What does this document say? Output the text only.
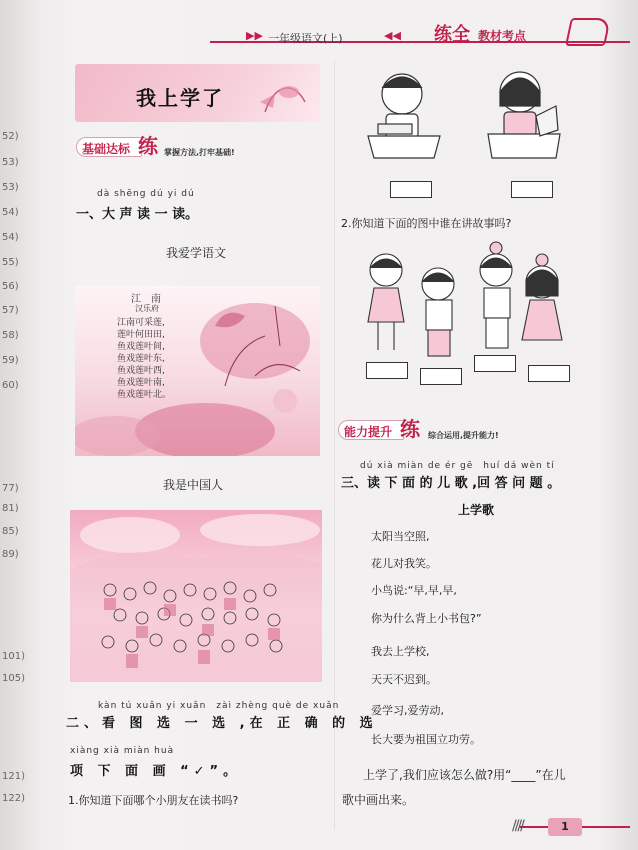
52)
53)
53)
54)
54)
55)
56)
57)
58)
59)
60)
77)
81)
85)
89)
101)
105)
121)
122)
▶▶ 一年级语文(上)	◀◀ 练全 教材考点
我上学了
基础达标 练 掌握方法,打牢基础!
dà shēng dú yi dú
一、大 声 读 一 读。
我爱学语文
江　南
汉乐府
江南可采莲,
莲叶何田田,
鱼戏莲叶间,
鱼戏莲叶东,
鱼戏莲叶西,
鱼戏莲叶南,
鱼戏莲叶北。
我是中国人
kàn tú xuǎn yi xuǎn　zài zhèng què de xuǎn
二、看 图 选 一 选 ,在 正 确 的 选
xiàng xià miàn huà
项 下 面 画 “✓”。
1.你知道下面哪个小朋友在读书吗?
2.你知道下面的图中谁在讲故事吗?
能力提升 练 综合运用,提升能力!
dú xià miàn de ér gē　huí dá wèn tí
三、读 下 面 的 儿 歌 ,回 答 问 题 。
上学歌
太阳当空照,
花儿对我笑。
小鸟说:“早,早,早,
你为什么背上小书包?”
我去上学校,
天天不迟到。
爱学习,爱劳动,
长大要为祖国立功劳。
上学了,我们应该怎么做?用“____”在儿
歌中画出来。
////	1
